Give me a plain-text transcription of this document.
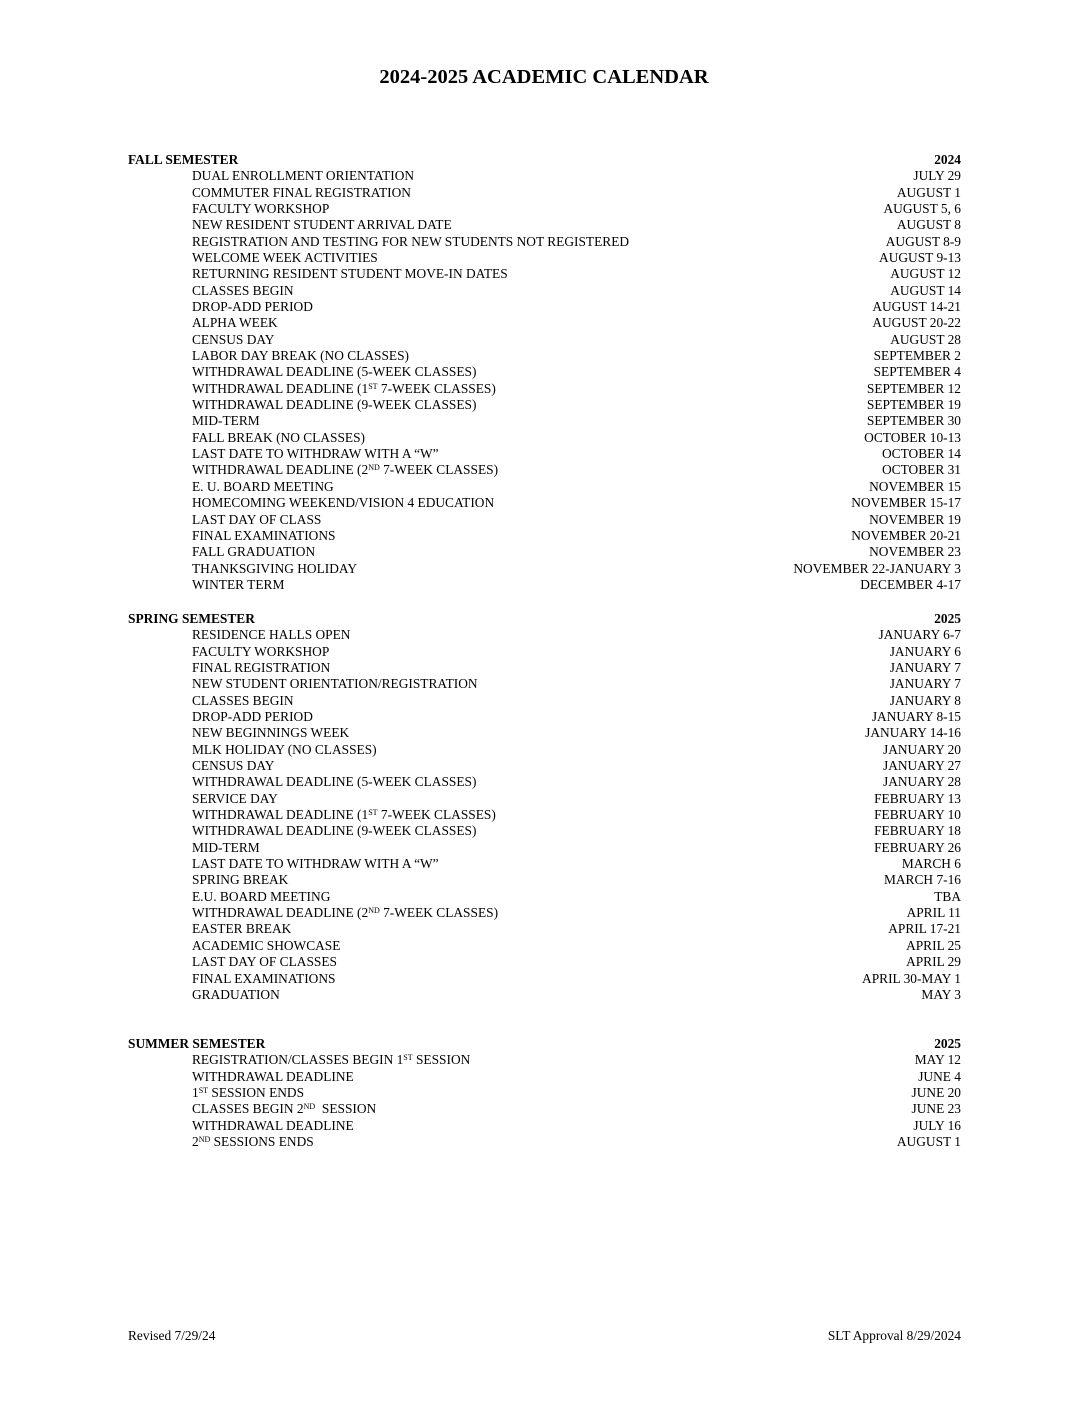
2024-2025 ACADEMIC CALENDAR
FALL SEMESTER	2024
DUAL ENROLLMENT ORIENTATION	JULY 29
COMMUTER FINAL REGISTRATION	AUGUST 1
FACULTY WORKSHOP	AUGUST 5, 6
NEW RESIDENT STUDENT ARRIVAL DATE	AUGUST 8
REGISTRATION AND TESTING FOR NEW STUDENTS NOT REGISTERED	AUGUST 8-9
WELCOME WEEK ACTIVITIES	AUGUST 9-13
RETURNING RESIDENT STUDENT MOVE-IN DATES	AUGUST 12
CLASSES BEGIN	AUGUST 14
DROP-ADD PERIOD	AUGUST 14-21
ALPHA WEEK	AUGUST 20-22
CENSUS DAY	AUGUST 28
LABOR DAY BREAK (NO CLASSES)	SEPTEMBER 2
WITHDRAWAL DEADLINE (5-WEEK CLASSES)	SEPTEMBER 4
WITHDRAWAL DEADLINE (1ST 7-WEEK CLASSES)	SEPTEMBER 12
WITHDRAWAL DEADLINE (9-WEEK CLASSES)	SEPTEMBER 19
MID-TERM	SEPTEMBER 30
FALL BREAK (NO CLASSES)	OCTOBER 10-13
LAST DATE TO WITHDRAW WITH A “W”	OCTOBER 14
WITHDRAWAL DEADLINE (2ND 7-WEEK CLASSES)	OCTOBER 31
E. U. BOARD MEETING	NOVEMBER 15
HOMECOMING WEEKEND/VISION 4 EDUCATION	NOVEMBER 15-17
LAST DAY OF CLASS	NOVEMBER 19
FINAL EXAMINATIONS	NOVEMBER 20-21
FALL GRADUATION	NOVEMBER 23
THANKSGIVING HOLIDAY	NOVEMBER 22-JANUARY 3
WINTER TERM	DECEMBER 4-17
SPRING SEMESTER	2025
RESIDENCE HALLS OPEN	JANUARY 6-7
FACULTY WORKSHOP	JANUARY 6
FINAL REGISTRATION	JANUARY 7
NEW STUDENT ORIENTATION/REGISTRATION	JANUARY 7
CLASSES BEGIN	JANUARY 8
DROP-ADD PERIOD	JANUARY 8-15
NEW BEGINNINGS WEEK	JANUARY 14-16
MLK HOLIDAY (NO CLASSES)	JANUARY 20
CENSUS DAY	JANUARY 27
WITHDRAWAL DEADLINE (5-WEEK CLASSES)	JANUARY 28
SERVICE DAY	FEBRUARY 13
WITHDRAWAL DEADLINE (1ST 7-WEEK CLASSES)	FEBRUARY 10
WITHDRAWAL DEADLINE (9-WEEK CLASSES)	FEBRUARY 18
MID-TERM	FEBRUARY 26
LAST DATE TO WITHDRAW WITH A “W”	MARCH 6
SPRING BREAK	MARCH 7-16
E.U. BOARD MEETING	TBA
WITHDRAWAL DEADLINE (2ND 7-WEEK CLASSES)	APRIL 11
EASTER BREAK	APRIL 17-21
ACADEMIC SHOWCASE	APRIL 25
LAST DAY OF CLASSES	APRIL 29
FINAL EXAMINATIONS	APRIL 30-MAY 1
GRADUATION	MAY 3
SUMMER SEMESTER	2025
REGISTRATION/CLASSES BEGIN 1ST SESSION	MAY 12
WITHDRAWAL DEADLINE	JUNE 4
1ST SESSION ENDS	JUNE 20
CLASSES BEGIN 2ND  SESSION	JUNE 23
WITHDRAWAL DEADLINE	JULY 16
2ND SESSIONS ENDS	AUGUST 1
Revised 7/29/24	SLT Approval 8/29/2024
